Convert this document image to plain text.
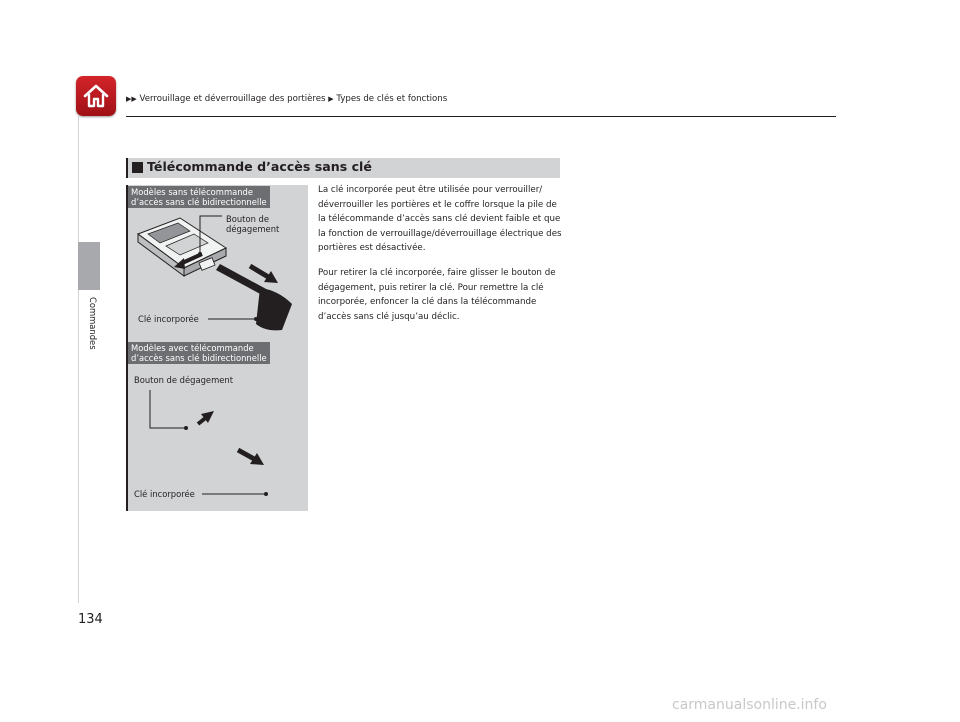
▶▶ Verrouillage et déverrouillage des portières ▶ Types de clés et fonctions
Commandes
Télécommande d’accès sans clé
Modèles sans télécommande
d’accès sans clé bidirectionnelle
Bouton de
dégagement
Clé incorporée
Modèles avec télécommande
d’accès sans clé bidirectionnelle
Bouton de dégagement
Clé incorporée

La clé incorporée peut être utilisée pour verrouiller/ déverrouiller les portières et le coffre lorsque la pile de la télécommande d’accès sans clé devient faible et que la fonction de verrouillage/déverrouillage électrique des portières est désactivée.

Pour retirer la clé incorporée, faire glisser le bouton de dégagement, puis retirer la clé. Pour remettre la clé incorporée, enfoncer la clé dans la télécommande d’accès sans clé jusqu’au déclic.

134
carmanualsonline.info
